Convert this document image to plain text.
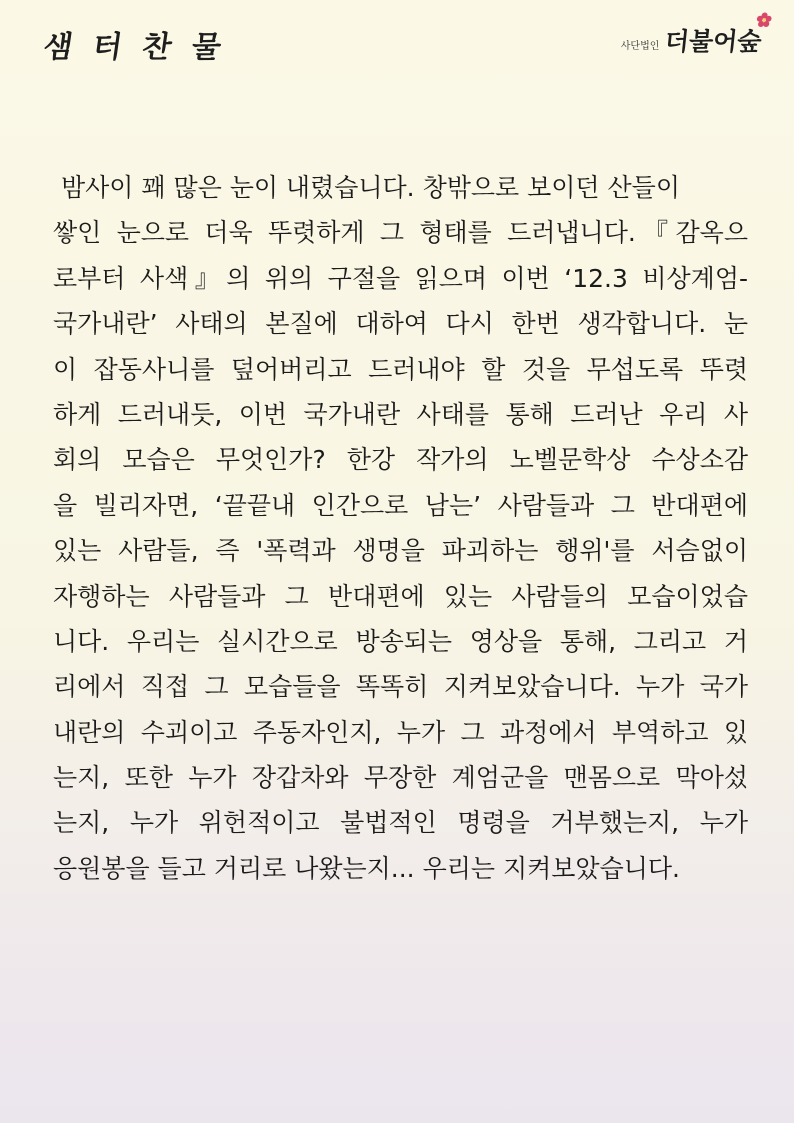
샘 터 찬 물	사단법인 더불어숲
밤사이 꽤 많은 눈이 내렸습니다. 창밖으로 보이던 산들이
쌓인 눈으로 더욱 뚜렷하게 그 형태를 드러냅니다.『감옥으
로부터 사색』의 위의 구절을 읽으며 이번 ‘12.3 비상계엄-
국가내란’ 사태의 본질에 대하여 다시 한번 생각합니다. 눈
이 잡동사니를 덮어버리고 드러내야 할 것을 무섭도록 뚜렷
하게 드러내듯, 이번 국가내란 사태를 통해 드러난 우리 사
회의 모습은 무엇인가? 한강 작가의 노벨문학상 수상소감
을 빌리자면, ‘끝끝내 인간으로 남는’ 사람들과 그 반대편에
있는 사람들, 즉 '폭력과 생명을 파괴하는 행위'를 서슴없이
자행하는 사람들과 그 반대편에 있는 사람들의 모습이었습
니다. 우리는 실시간으로 방송되는 영상을 통해, 그리고 거
리에서 직접 그 모습들을 똑똑히 지켜보았습니다. 누가 국가
내란의 수괴이고 주동자인지, 누가 그 과정에서 부역하고 있
는지, 또한 누가 장갑차와 무장한 계엄군을 맨몸으로 막아섰
는지, 누가 위헌적이고 불법적인 명령을 거부했는지, 누가
응원봉을 들고 거리로 나왔는지... 우리는 지켜보았습니다.
